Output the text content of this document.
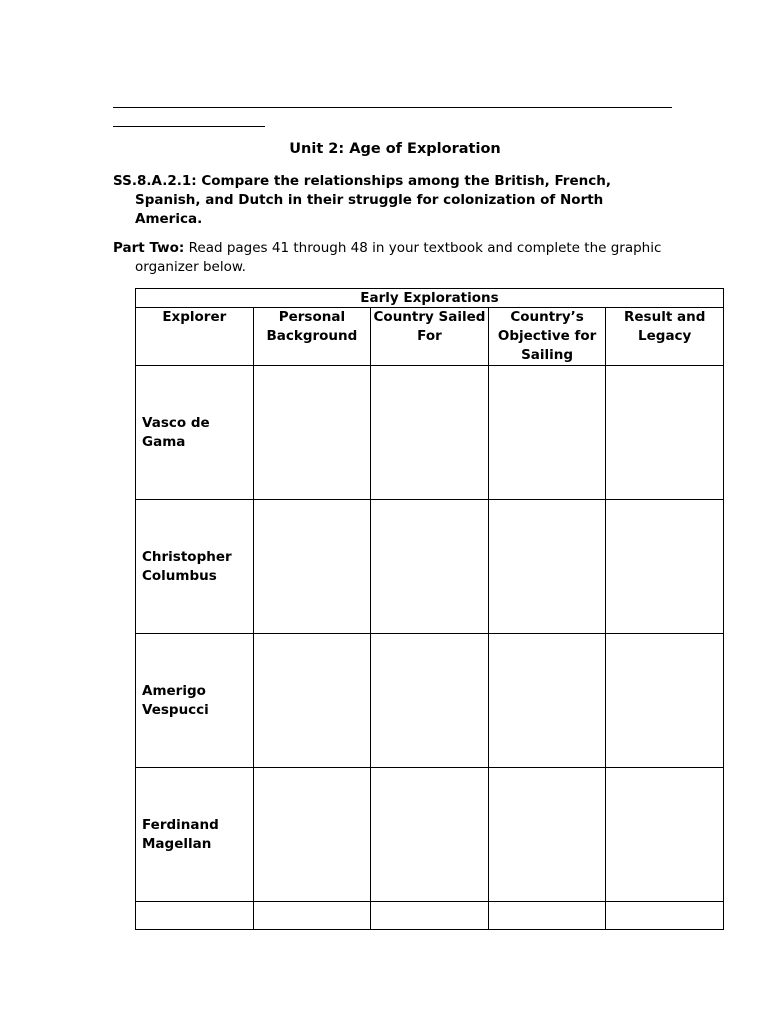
Unit 2: Age of Exploration
SS.8.A.2.1: Compare the relationships among the British, French, Spanish, and Dutch in their struggle for colonization of North America.
Part Two: Read pages 41 through 48 in your textbook and complete the graphic organizer below.
Early Explorations				
Explorer	Personal Background	Country Sailed For	Country’s Objective for Sailing	Result and Legacy
Vasco de Gama				
Christopher Columbus				
Amerigo Vespucci				
Ferdinand Magellan				
